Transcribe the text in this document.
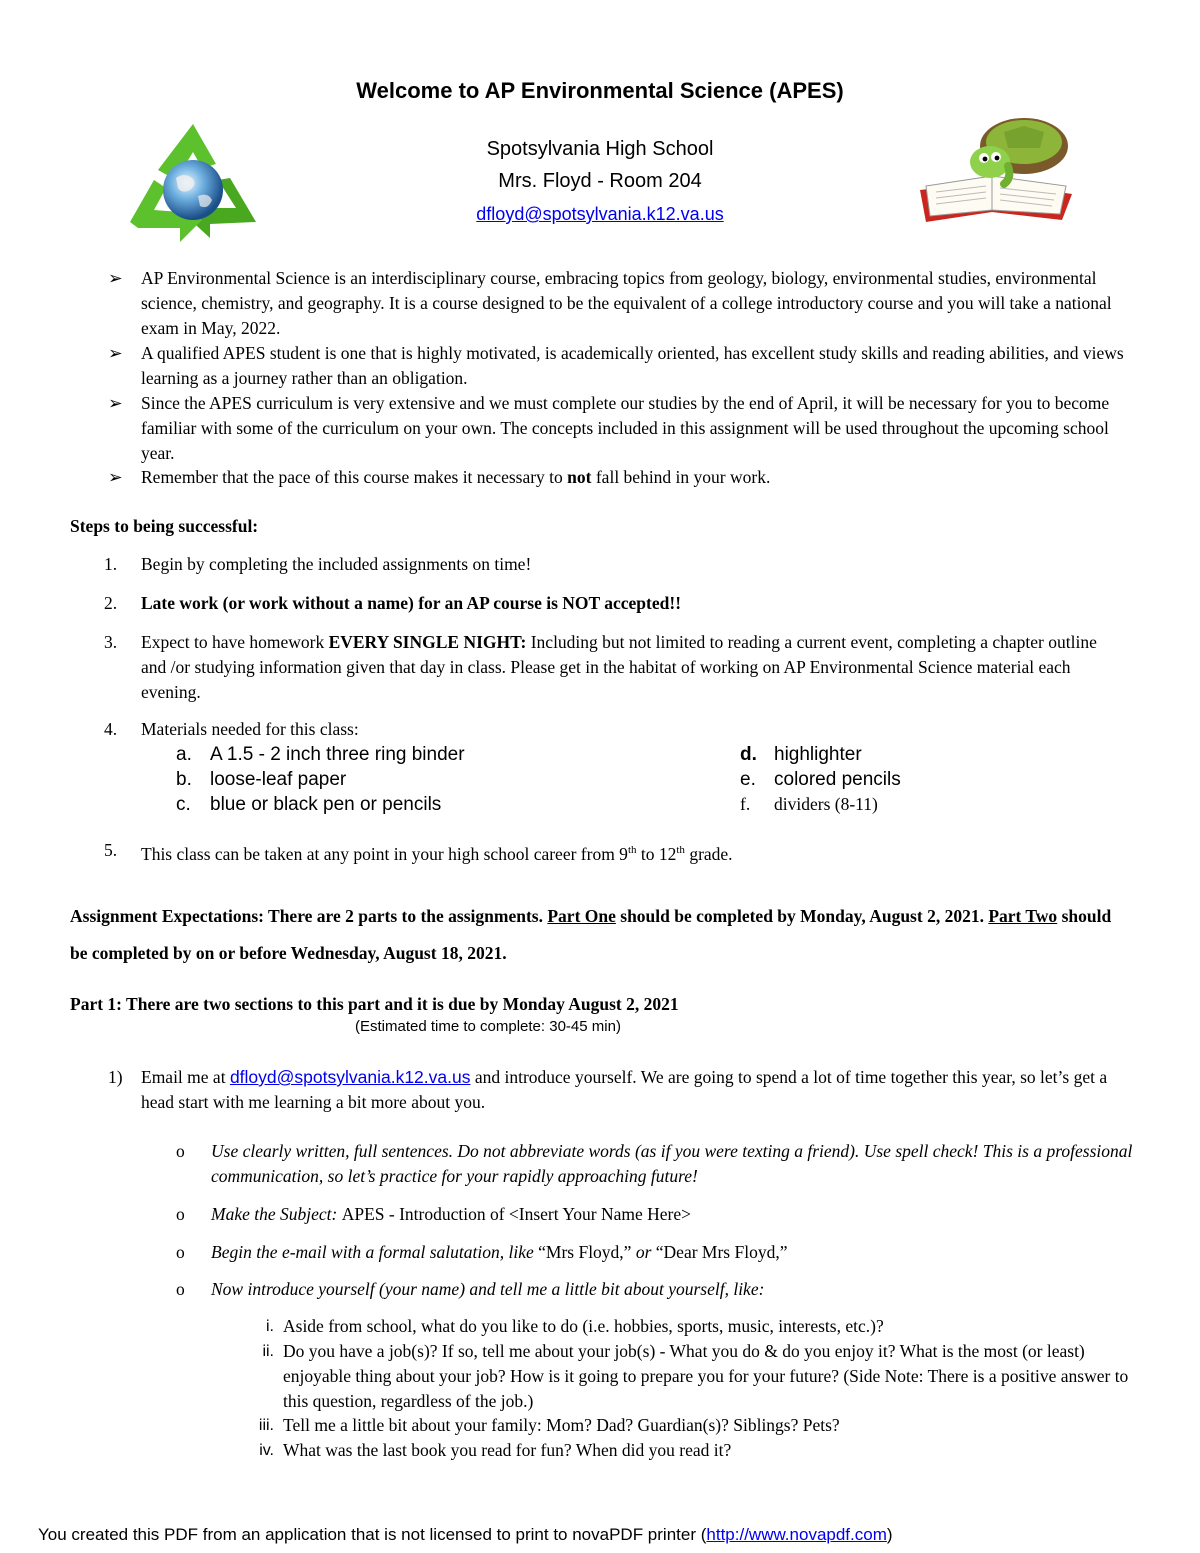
Welcome to AP Environmental Science (APES)
Spotsylvania High School
Mrs. Floyd - Room 204
dfloyd@spotsylvania.k12.va.us
➢ AP Environmental Science is an interdisciplinary course, embracing topics from geology, biology, environmental studies, environmental science, chemistry, and geography. It is a course designed to be the equivalent of a college introductory course and you will take a national exam in May, 2022.
➢ A qualified APES student is one that is highly motivated, is academically oriented, has excellent study skills and reading abilities, and views learning as a journey rather than an obligation.
➢ Since the APES curriculum is very extensive and we must complete our studies by the end of April, it will be necessary for you to become familiar with some of the curriculum on your own. The concepts included in this assignment will be used throughout the upcoming school year.
➢ Remember that the pace of this course makes it necessary to not fall behind in your work.
Steps to being successful:
1. Begin by completing the included assignments on time!
2. Late work (or work without a name) for an AP course is NOT accepted!!
3. Expect to have homework EVERY SINGLE NIGHT: Including but not limited to reading a current event, completing a chapter outline and /or studying information given that day in class. Please get in the habitat of working on AP Environmental Science material each evening.
4. Materials needed for this class:
a. A 1.5 - 2 inch three ring binder
b. loose-leaf paper
c. blue or black pen or pencils
d. highlighter
e. colored pencils
f. dividers (8-11)
5. This class can be taken at any point in your high school career from 9th to 12th grade.
Assignment Expectations: There are 2 parts to the assignments. Part One should be completed by Monday, August 2, 2021. Part Two should be completed by on or before Wednesday, August 18, 2021.
Part 1: There are two sections to this part and it is due by Monday August 2, 2021
(Estimated time to complete: 30-45 min)
1) Email me at dfloyd@spotsylvania.k12.va.us and introduce yourself. We are going to spend a lot of time together this year, so let’s get a head start with me learning a bit more about you.
o Use clearly written, full sentences. Do not abbreviate words (as if you were texting a friend). Use spell check! This is a professional communication, so let’s practice for your rapidly approaching future!
o Make the Subject: APES - Introduction of <Insert Your Name Here>
o Begin the e-mail with a formal salutation, like “Mrs Floyd,” or “Dear Mrs Floyd,”
o Now introduce yourself (your name) and tell me a little bit about yourself, like:
i. Aside from school, what do you like to do (i.e. hobbies, sports, music, interests, etc.)?
ii. Do you have a job(s)? If so, tell me about your job(s) - What you do & do you enjoy it? What is the most (or least) enjoyable thing about your job? How is it going to prepare you for your future? (Side Note: There is a positive answer to this question, regardless of the job.)
iii. Tell me a little bit about your family: Mom? Dad? Guardian(s)? Siblings? Pets?
iv. What was the last book you read for fun? When did you read it?
You created this PDF from an application that is not licensed to print to novaPDF printer (http://www.novapdf.com)
